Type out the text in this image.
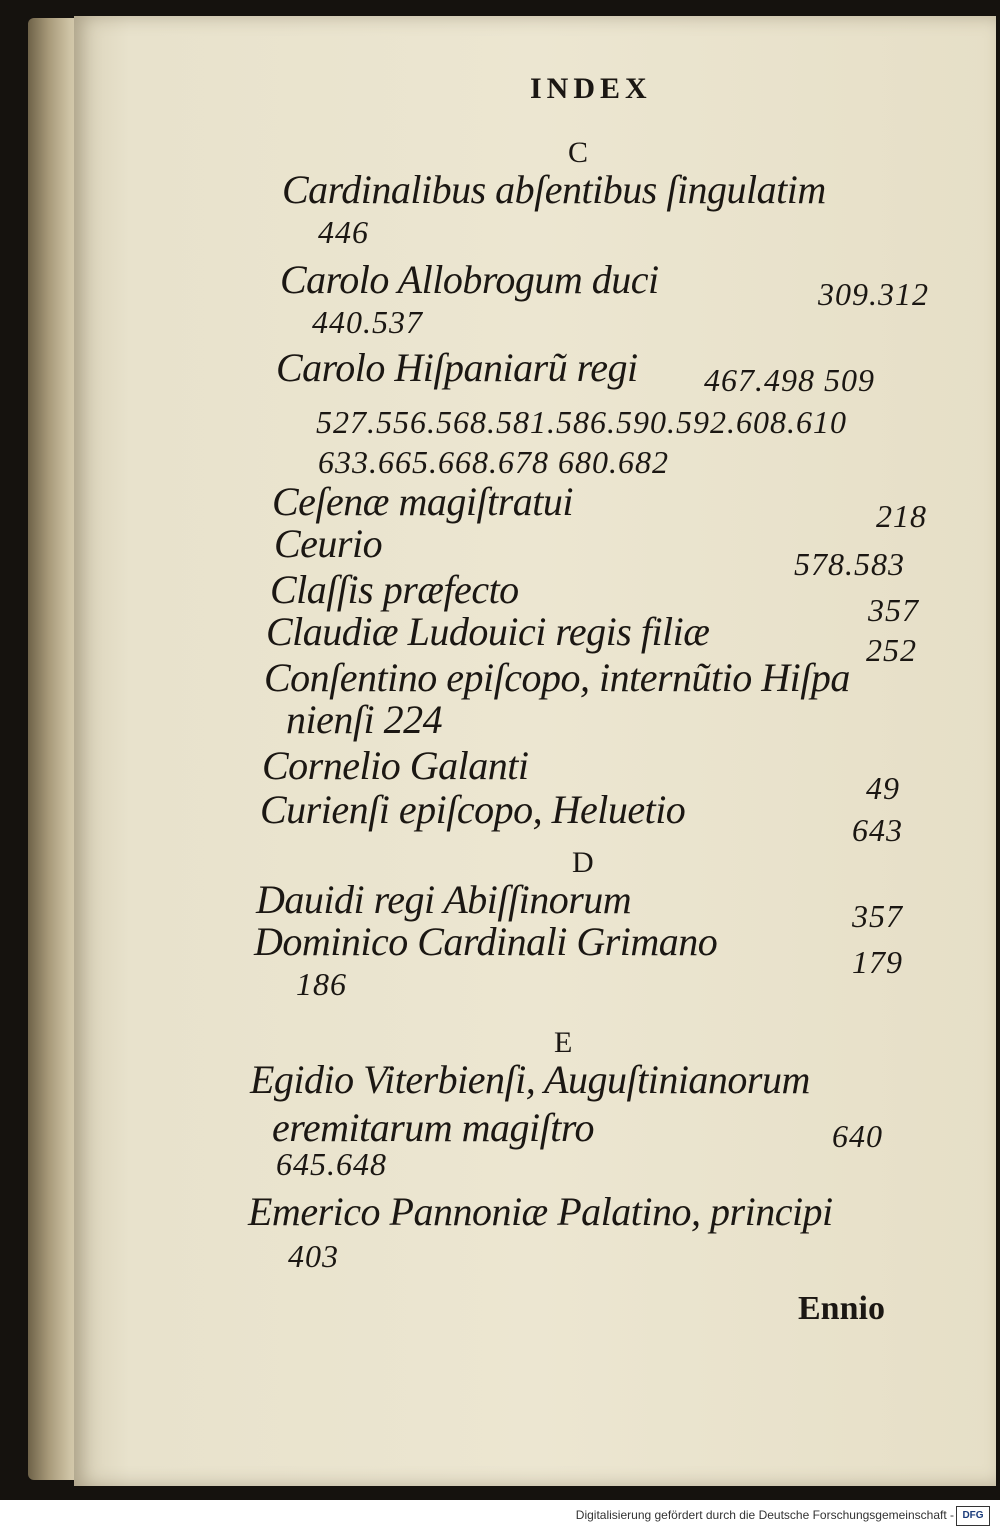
INDEX
C
Cardinalibus abſentibus ſingulatim
446
Carolo Allobrogum duci	309.312
440.537
Carolo Hiſpaniarũ regi 467.498 509
527.556.568.581.586.590.592.608.610
633.665.668.678 680.682
Ceſenæ magiſtratui	218
Ceurio	578.583
Claſſis præfecto	357
Claudiæ Ludouici regis filiæ	252
Conſentino epiſcopo, internũtio Hiſpa
nienſi 224
Cornelio Galanti	49
Curienſi epiſcopo, Heluetio	643
D
Dauidi regi Abiſſinorum	357
Dominico Cardinali Grimano	179
186
E
Egidio Viterbienſi, Auguſtinianorum
eremitarum magiſtro	640
645.648
Emerico Pannoniæ Palatino, principi
403
Ennio
Digitalisierung gefördert durch die Deutsche Forschungsgemeinschaft - DFG
